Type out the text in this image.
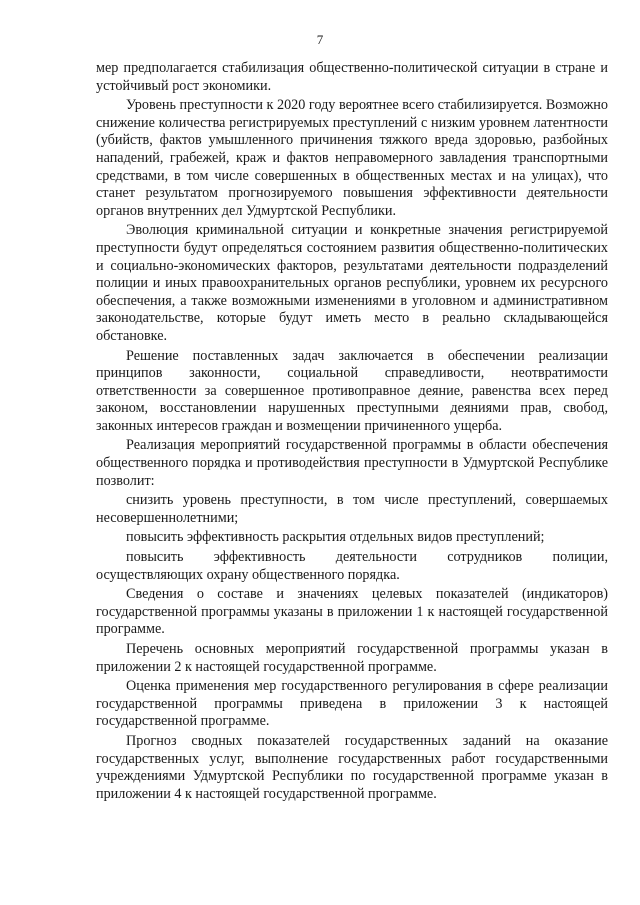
7

мер предполагается стабилизация общественно-политической ситуации в стране и устойчивый рост экономики.

Уровень преступности к 2020 году вероятнее всего стабилизируется. Возможно снижение количества регистрируемых преступлений с низким уровнем латентности (убийств, фактов умышленного причинения тяжкого вреда здоровью, разбойных нападений, грабежей, краж и фактов неправомерного завладения транспортными средствами, в том числе совершенных в общественных местах и на улицах), что станет результатом прогнозируемого повышения эффективности деятельности органов внутренних дел Удмуртской Республики.

Эволюция криминальной ситуации и конкретные значения регистрируемой преступности будут определяться состоянием развития общественно-политических и социально-экономических факторов, результатами деятельности подразделений полиции и иных правоохранительных органов республики, уровнем их ресурсного обеспечения, а также возможными изменениями в уголовном и административном законодательстве, которые будут иметь место в реально складывающейся обстановке.

Решение поставленных задач заключается в обеспечении реализации принципов законности, социальной справедливости, неотвратимости ответственности за совершенное противоправное деяние, равенства всех перед законом, восстановлении нарушенных преступными деяниями прав, свобод, законных интересов граждан и возмещении причиненного ущерба.

Реализация мероприятий государственной программы в области обеспечения общественного порядка и противодействия преступности в Удмуртской Республике позволит:

снизить уровень преступности, в том числе преступлений, совершаемых несовершеннолетними;

повысить эффективность раскрытия отдельных видов преступлений;

повысить эффективность деятельности сотрудников полиции, осуществляющих охрану общественного порядка.

Сведения о составе и значениях целевых показателей (индикаторов) государственной программы указаны в приложении 1 к настоящей государственной программе.

Перечень основных мероприятий государственной программы указан в приложении 2 к настоящей государственной программе.

Оценка применения мер государственного регулирования в сфере реализации государственной программы приведена в приложении 3 к настоящей государственной программе.

Прогноз сводных показателей государственных заданий на оказание государственных услуг, выполнение государственных работ государственными учреждениями Удмуртской Республики по государственной программе указан в приложении 4 к настоящей государственной программе.
